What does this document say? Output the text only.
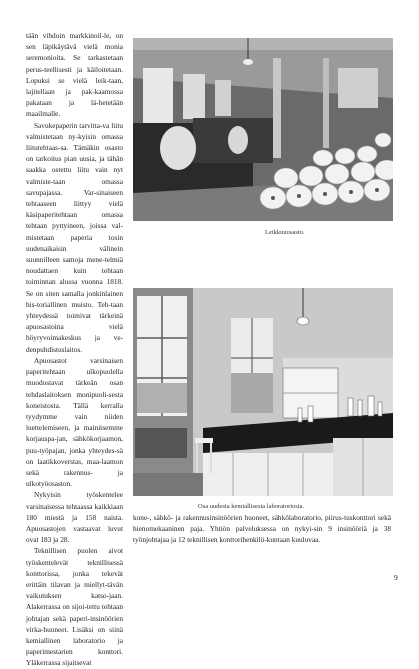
tään vihdoin markkinoil-le, on sen läpikäytävä vielä monia seremonioita. Se tarkastetaan perus-teellisesti ja käiloitetaan. Lopuksi se vielä leik-taan, lajitellaan ja pak-kaamossa pakataan ja lä-hetetään maailmalle.

Savukepaperin tarvitta-va liitu valmistetaan ny-kyisin omassa liitutehtaas-sa. Tämäkin osasto on tarkoitus pian uusia, ja tähän saakka ostettu liitu vain nyt valmiste-taan omassa savupajassa. Var-sinaiseen tehtaaseen liittyy vielä käsipaperitehtaan omassa tehtaan pyttyineen, joissa val-mistetaan paperia tosin uudenaikaisin välinein suunnilleen samoja mene-telmiä noudattaen kuin tehtaan toiminnan alussa vuonna 1818. Se on siten samalla jonkinlainen his-toriallinen muisto. Teh-taan yhteydessä toimivat tärkeinä apuosastoina vielä höyryvoimakeskus ja ve-denpuhdistuslaitos.

Apuosastot varsinaisen paperitehtaan ulkopuolella muodostavat tärkeän osan tehdaslaitoksen monipuoli-sesta koneistosta. Tällä kerralla tyydymme vain niiden luettelemiseen, ja mainitsemme korjauspa-jan, sähkökorjaamon, puu-työpajan, jonka yhteydes-sä on laatikkoverstas, maa-laamon sekä rakennus- ja ulkotyöosaston.

Nykyisin työskentelee varsinaisessa tehtaassa kaikkiaan 180 miestä ja 158 naista. Apuosastojen vastaavat luvut ovat 183 ja 28.

Teknillisen puolen aivot työskentelevät teknillisessä konttorissa, jonka tekevät erittäin tilavan ja miellyt-tävän vaikutuksen katso-jaan. Alakerrassa on sijoi-tettu tehtaan johtajan sekä paperi-insinöörien virka-huoneet. Lisäksi on siinä kemiallinen laboratorio ja paperimestarien konttori. Yläkerrassa sijaitsevat

Leikkuuosasto.
Osa uudesta kemiallisesta laboratoriosta.
kone-, sähkö- ja rakennusinsinöörien huoneet, sähkölaboratorio, piirus-tuskonttori sekä hienomekaaninen paja. Yhtiön palveluksessa on nykyi-sin 9 insinööriä ja 38 työnjohtajaa ja 12 teknillisen konttorihenkilö-kuntaan kuuluvaa.
9
